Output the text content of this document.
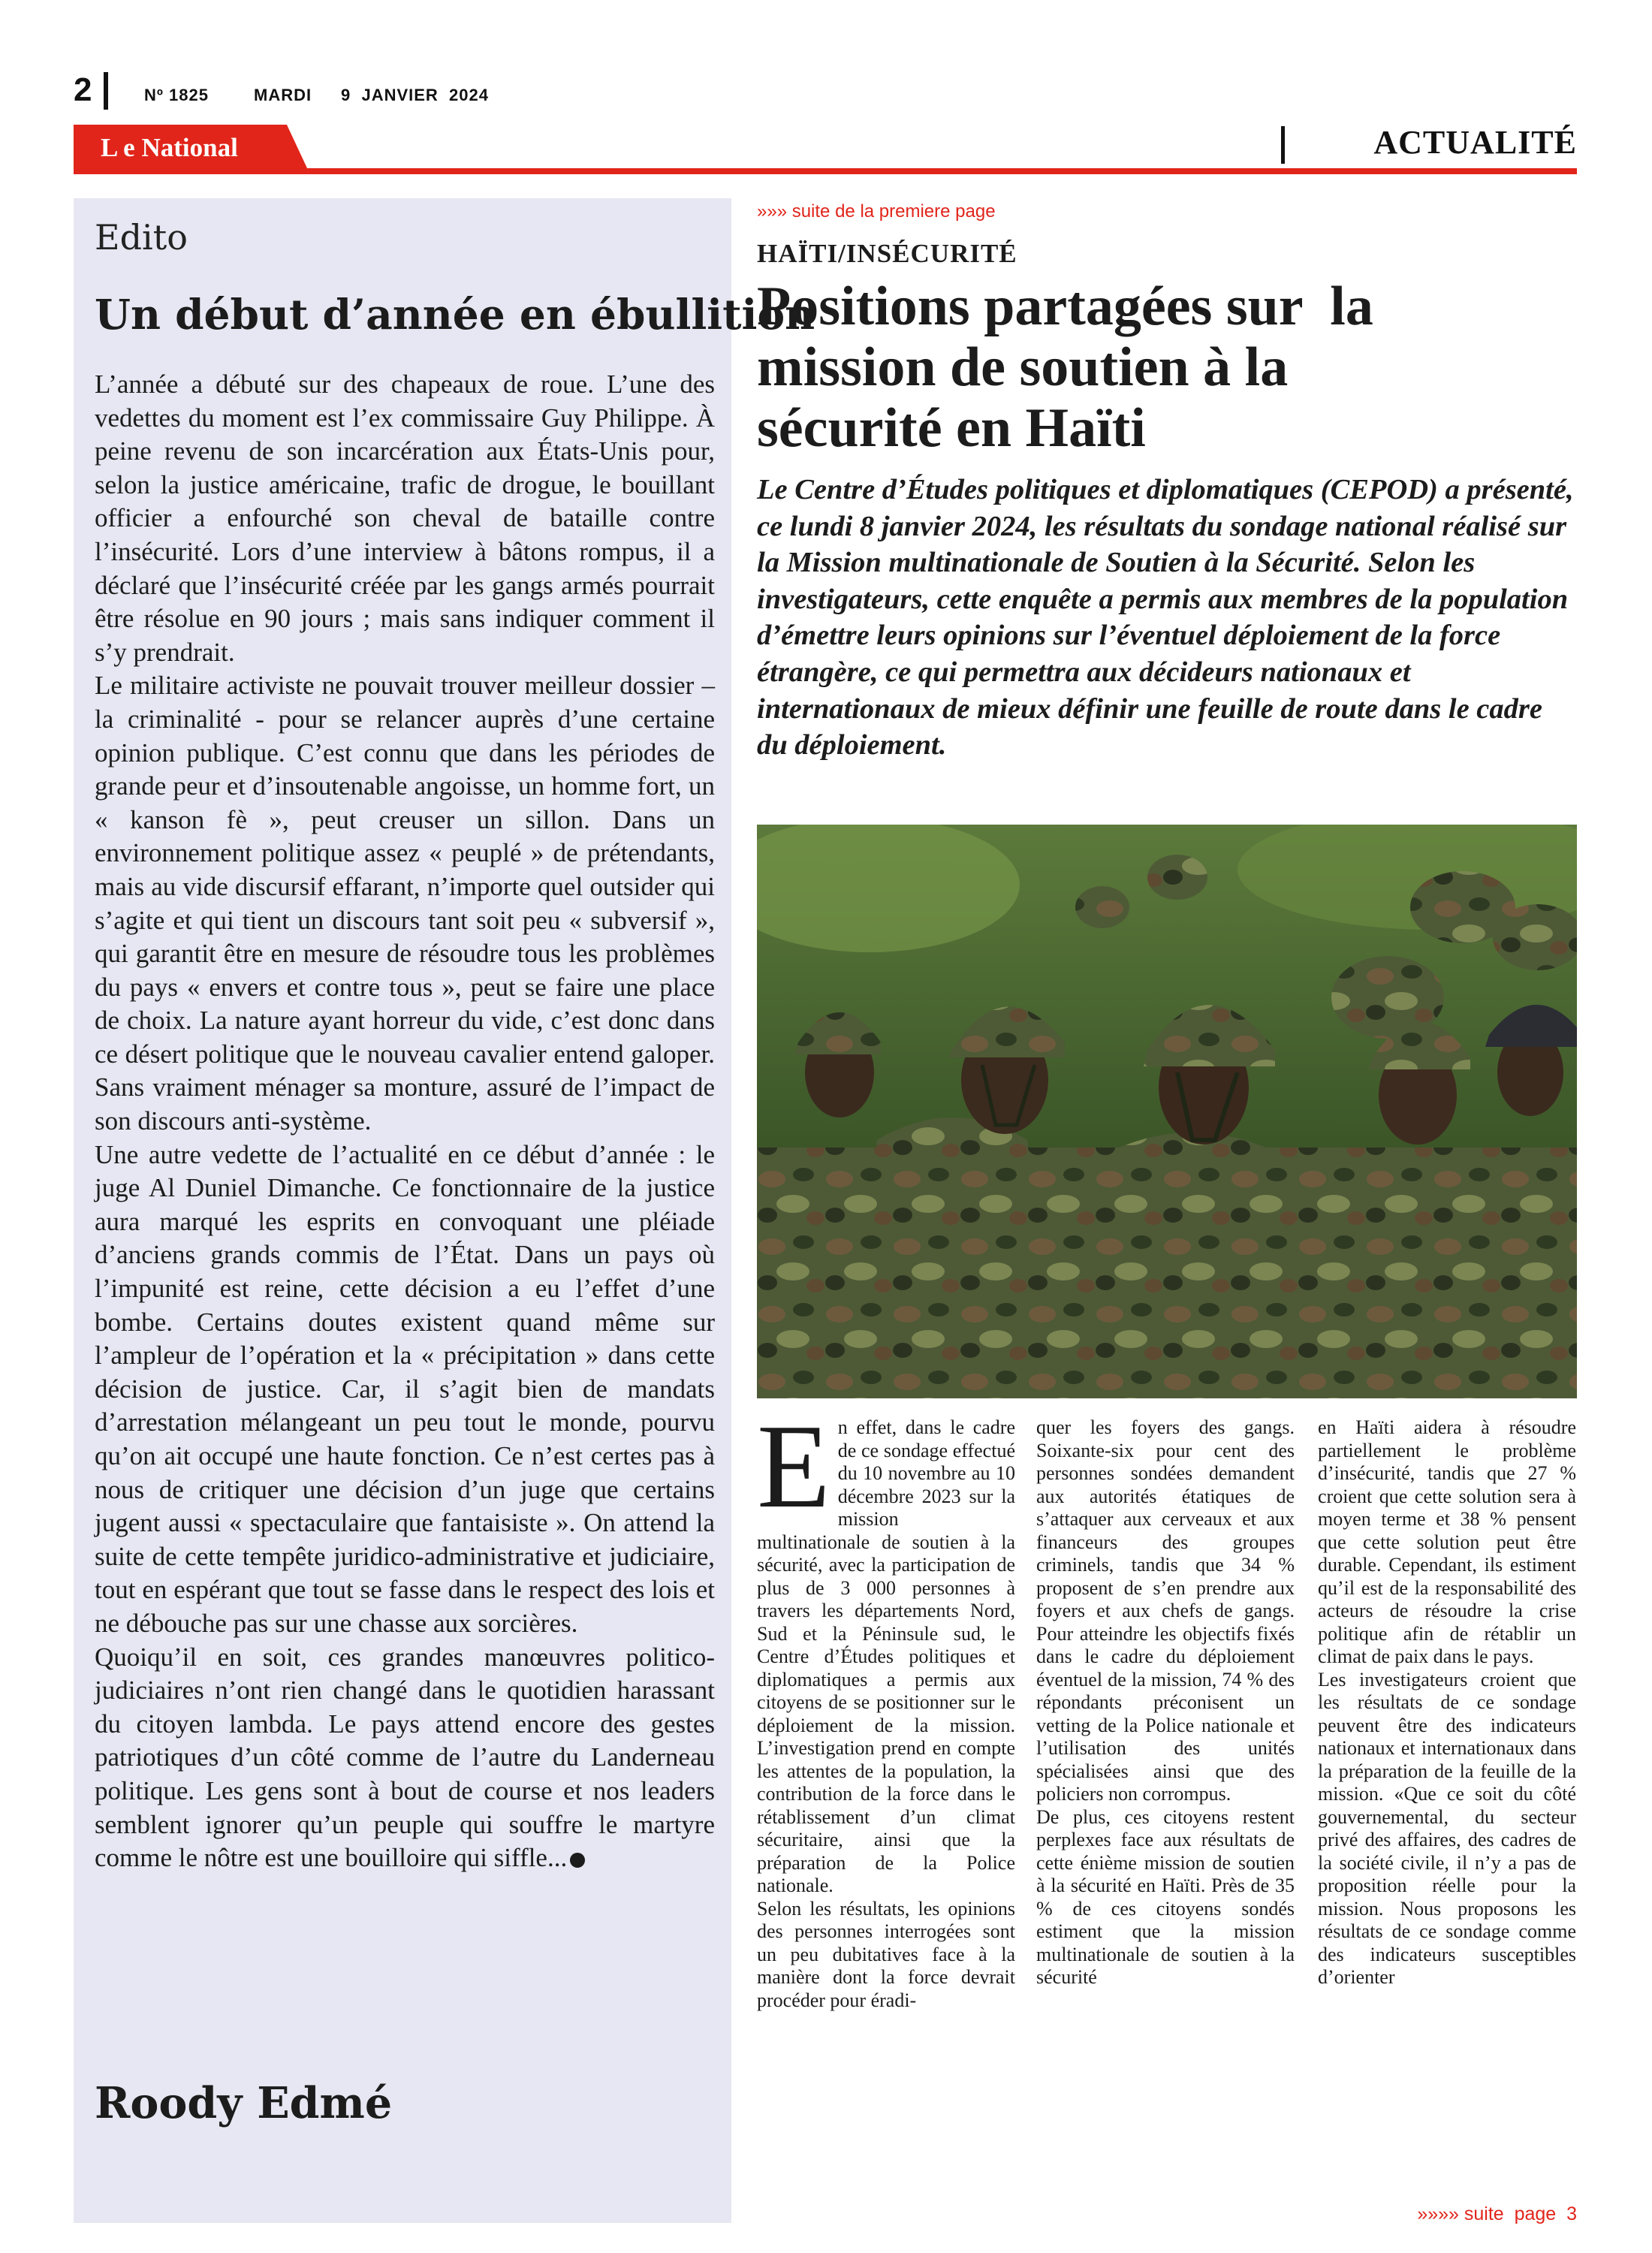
2	Nº 1825	MARDI 9  JANVIER  2024
L e National	ACTUALITÉ
Edito
Un début d’année en ébullition

L’année a débuté sur des chapeaux de roue. L’une des vedettes du moment est l’ex commissaire Guy Philippe. À peine revenu de son incarcération aux États-Unis pour, selon la justice américaine, trafic de drogue, le bouillant officier a enfourché son cheval de bataille contre l’insécurité. Lors d’une interview à bâtons rompus, il a déclaré que l’insécurité créée par les gangs armés pourrait être résolue en 90 jours ; mais sans indiquer comment il s’y prendrait.

Le militaire activiste ne pouvait trouver meilleur dossier – la criminalité - pour se relancer auprès d’une certaine opinion publique. C’est connu que dans les périodes de grande peur et d’insoutenable angoisse, un homme fort, un « kanson fè », peut creuser un sillon. Dans un environnement politique assez « peuplé » de prétendants, mais au vide discursif effarant, n’importe quel outsider qui s’agite et qui tient un discours tant soit peu « subversif », qui garantit être en mesure de résoudre tous les problèmes du pays « envers et contre tous », peut se faire une place de choix. La nature ayant horreur du vide, c’est donc dans ce désert politique que le nouveau cavalier entend galoper. Sans vraiment ménager sa monture, assuré de l’impact de son discours anti-système.

Une autre vedette de l’actualité en ce début d’année : le juge Al Duniel Dimanche. Ce fonctionnaire de la justice aura marqué les esprits en convoquant une pléiade d’anciens grands commis de l’État. Dans un pays où l’impunité est reine, cette décision a eu l’effet d’une bombe. Certains doutes existent quand même sur l’ampleur de l’opération et la « précipitation » dans cette décision de justice. Car, il s’agit bien de mandats d’arrestation mélangeant un peu tout le monde, pourvu qu’on ait occupé une haute fonction. Ce n’est certes pas à nous de critiquer une décision d’un juge que certains jugent aussi « spectaculaire que fantaisiste ». On attend la suite de cette tempête juridico-administrative et judiciaire, tout en espérant que tout se fasse dans le respect des lois et ne débouche pas sur une chasse aux sorcières.

Quoiqu’il en soit, ces grandes manœuvres politico-judiciaires n’ont rien changé dans le quotidien harassant du citoyen lambda. Le pays attend encore des gestes patriotiques d’un côté comme de l’autre du Landerneau politique. Les gens sont à bout de course et nos leaders semblent ignorer qu’un peuple qui souffre le martyre comme le nôtre est une bouilloire qui siffle...

Roody Edmé
»»» suite de la premiere page
HAÏTI/INSÉCURITÉ
Positions partagées sur  la
mission de soutien à la
sécurité en Haïti
Le Centre d’Études politiques et diplomatiques (CEPOD) a présenté, ce lundi 8 janvier 2024, les résultats du sondage national réalisé sur la Mission multinationale de Soutien à la Sécurité. Selon les investigateurs, cette enquête a permis aux membres de la population d’émettre leurs opinions sur l’éventuel déploiement de la force étrangère, ce qui permettra aux décideurs nationaux et internationaux de mieux définir une feuille de route dans le cadre du déploiement.

En effet, dans le cadre de ce sondage effectué du 10 novembre au 10 décembre 2023 sur la mission multinationale de soutien à la sécurité, avec la participation de plus de 3 000 personnes à travers les départements Nord, Sud et la Péninsule sud, le Centre d’Études politiques et diplomatiques a permis aux citoyens de se positionner sur le déploiement de la mission. L’investigation prend en compte les attentes de la population, la contribution de la force dans le rétablissement d’un climat sécuritaire, ainsi que la préparation de la Police nationale.

Selon les résultats, les opinions des personnes interrogées sont un peu dubitatives face à la manière dont la force devrait procéder pour éradi-

quer les foyers des gangs. Soixante-six pour cent des personnes sondées demandent aux autorités étatiques de s’attaquer aux cerveaux et aux financeurs des groupes criminels, tandis que 34 % proposent de s’en prendre aux foyers et aux chefs de gangs. Pour atteindre les objectifs fixés dans le cadre du déploiement éventuel de la mission, 74 % des répondants préconisent un vetting de la Police nationale et l’utilisation des unités spécialisées ainsi que des policiers non corrompus.

De plus, ces citoyens restent perplexes face aux résultats de cette énième mission de soutien à la sécurité en Haïti. Près de 35 % de ces citoyens sondés estiment que la mission multinationale de soutien à la sécurité

en Haïti aidera à résoudre partiellement le problème d’insécurité, tandis que 27 % croient que cette solution sera à moyen terme et 38 % pensent que cette solution peut être durable. Cependant, ils estiment qu’il est de la responsabilité des acteurs de résoudre la crise politique afin de rétablir un climat de paix dans le pays.

Les investigateurs croient que les résultats de ce sondage peuvent être des indicateurs nationaux et internationaux dans la préparation de la feuille de la mission. «Que ce soit du côté gouvernemental, du secteur privé des affaires, des cadres de la société civile, il n’y a pas de proposition réelle pour la mission. Nous proposons les résultats de ce sondage comme des indicateurs susceptibles d’orienter

»»»» suite  page  3
